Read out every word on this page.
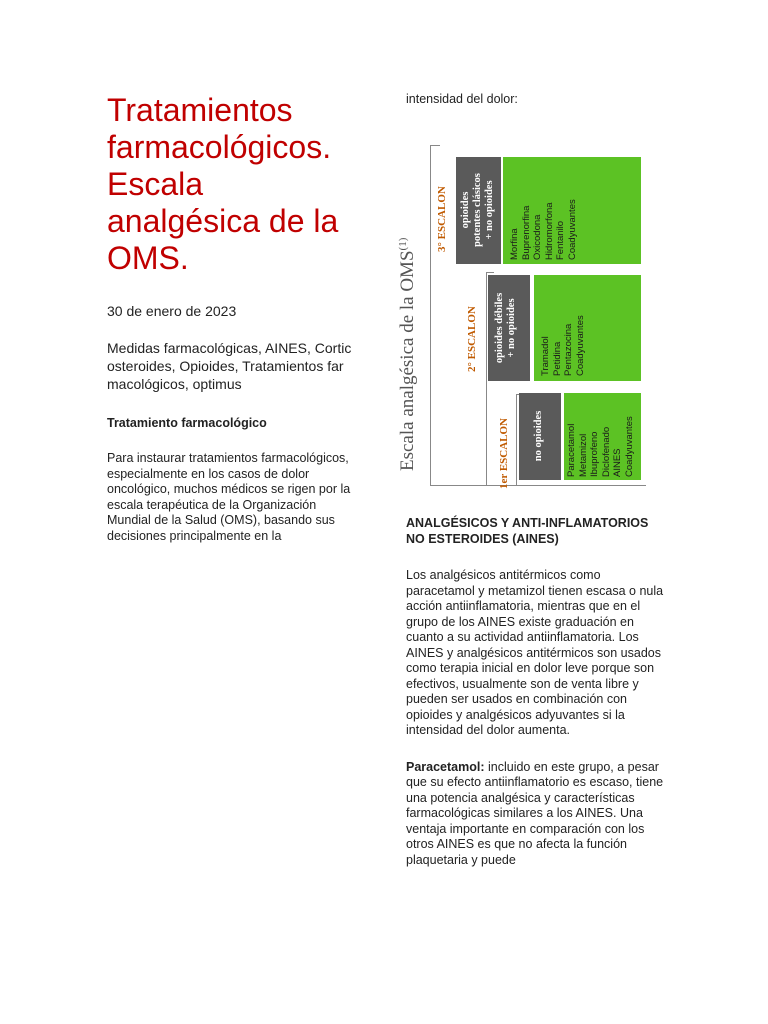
Tratamientos farmacológicos. Escala analgésica de la OMS.

30 de enero de 2023

Medidas farmacológicas, AINES, Corticosteroides, Opioides, Tratamientos farmacológicos, optimus

Tratamiento farmacológico

Para instaurar tratamientos farmacológicos, especialmente en los casos de dolor oncológico, muchos médicos se rigen por la escala terapéutica de la Organización Mundial de la Salud (OMS), basando sus decisiones principalmente en la

intensidad del dolor:

Escala analgésica de la OMS$^{(1)}$	3° ESCALON opioides potentes clásicos + no opioides
Morfina Buprenorfina Oxicodona Hidromorfona Fentanilo Coadyuvantes
2° ESCALON opioides débiles + no opioides Tramadol Petidina Pentazocina Coadyuvantes
1er ESCALON no opioides Paracetamol Metamizol Ibuprofeno Diclofenado AINES Coadyuvantes

ANALGÉSICOS Y ANTI-INFLAMATORIOS NO ESTEROIDES (AINES)

Los analgésicos antitérmicos como paracetamol y metamizol tienen escasa o nula acción antiinflamatoria, mientras que en el grupo de los AINES existe graduación en cuanto a su actividad antiinflamatoria. Los AINES y analgésicos antitérmicos son usados como terapia inicial en dolor leve porque son efectivos, usualmente son de venta libre y pueden ser usados en combinación con opioides y analgésicos adyuvantes si la intensidad del dolor aumenta.

Paracetamol: incluido en este grupo, a pesar que su efecto antiinflamatorio es escaso, tiene una potencia analgésica y características farmacológicas similares a los AINES. Una ventaja importante en comparación con los otros AINES es que no afecta la función plaquetaria y puede
